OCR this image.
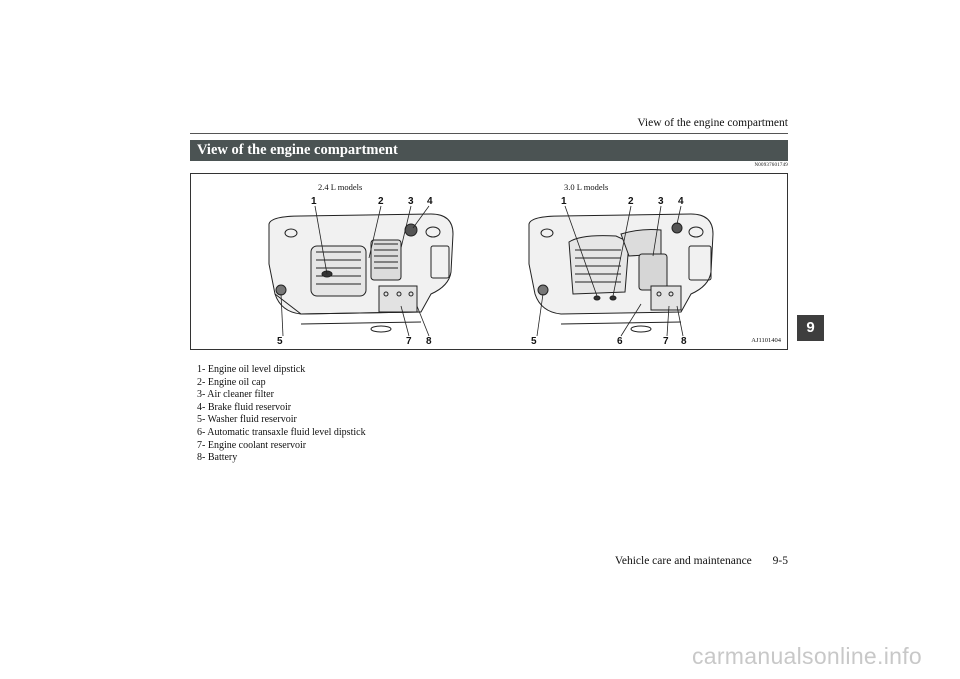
View of the engine compartment
View of the engine compartment
N00937601749
2.4 L models	3.0 L models
1	2 3 4
5	7 8
1	2 3 4
5	6	7 8	AJ1101404
1- Engine oil level dipstick
2- Engine oil cap
3- Air cleaner filter
4- Brake fluid reservoir
5- Washer fluid reservoir
6- Automatic transaxle fluid level dipstick
7- Engine coolant reservoir
8- Battery
9
Vehicle care and maintenance 9-5
carmanualsonline.info
